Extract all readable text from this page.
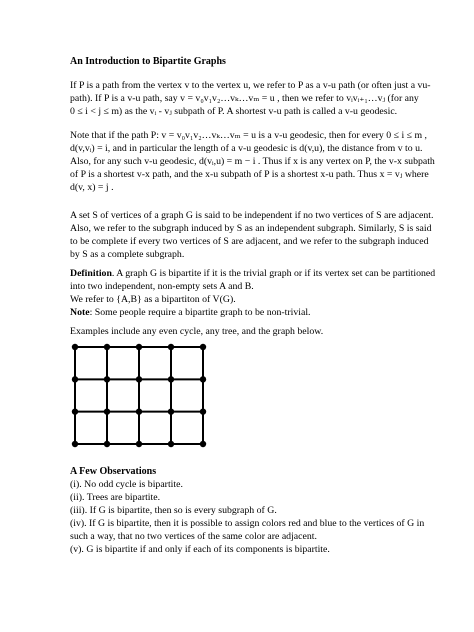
An Introduction to Bipartite Graphs
If P is a path from the vertex v to the vertex u, we refer to P as a v-u path (or often just a vu-
path). If P is a v-u path, say v = v₀v₁v₂…vₖ…vₘ = u , then we refer to vᵢvᵢ₊₁…vⱼ (for any
0 ≤ i < j ≤ m) as the vᵢ - vⱼ subpath of P. A shortest v-u path is called a v-u geodesic.
Note that if the path P: v = v₀v₁v₂…vₖ…vₘ = u is a v-u geodesic, then for every 0 ≤ i ≤ m ,
d(v,vᵢ) = i, and in particular the length of a v-u geodesic is d(v,u), the distance from v to u.
Also, for any such v-u geodesic, d(vᵢ,u) = m − i . Thus if x is any vertex on P, the v-x subpath
of P is a shortest v-x path, and the x-u subpath of P is a shortest x-u path. Thus x = vⱼ where
d(v, x) = j .
A set S of vertices of a graph G is said to be independent if no two vertices of S are adjacent.
Also, we refer to the subgraph induced by S as an independent subgraph. Similarly, S is said
to be complete if every two vertices of S are adjacent, and we refer to the subgraph induced
by S as a complete subgraph.
Definition. A graph G is bipartite if it is the trivial graph or if its vertex set can be partitioned
into two independent, non-empty sets A and B.
We refer to {A,B} as a bipartiton of V(G).
Note: Some people require a bipartite graph to be non-trivial.
Examples include any even cycle, any tree, and the graph below.
A Few Observations
(i). No odd cycle is bipartite.
(ii). Trees are bipartite.
(iii). If G is bipartite, then so is every subgraph of G.
(iv). If G is bipartite, then it is possible to assign colors red and blue to the vertices of G in
such a way, that no two vertices of the same color are adjacent.
(v). G is bipartite if and only if each of its components is bipartite.
